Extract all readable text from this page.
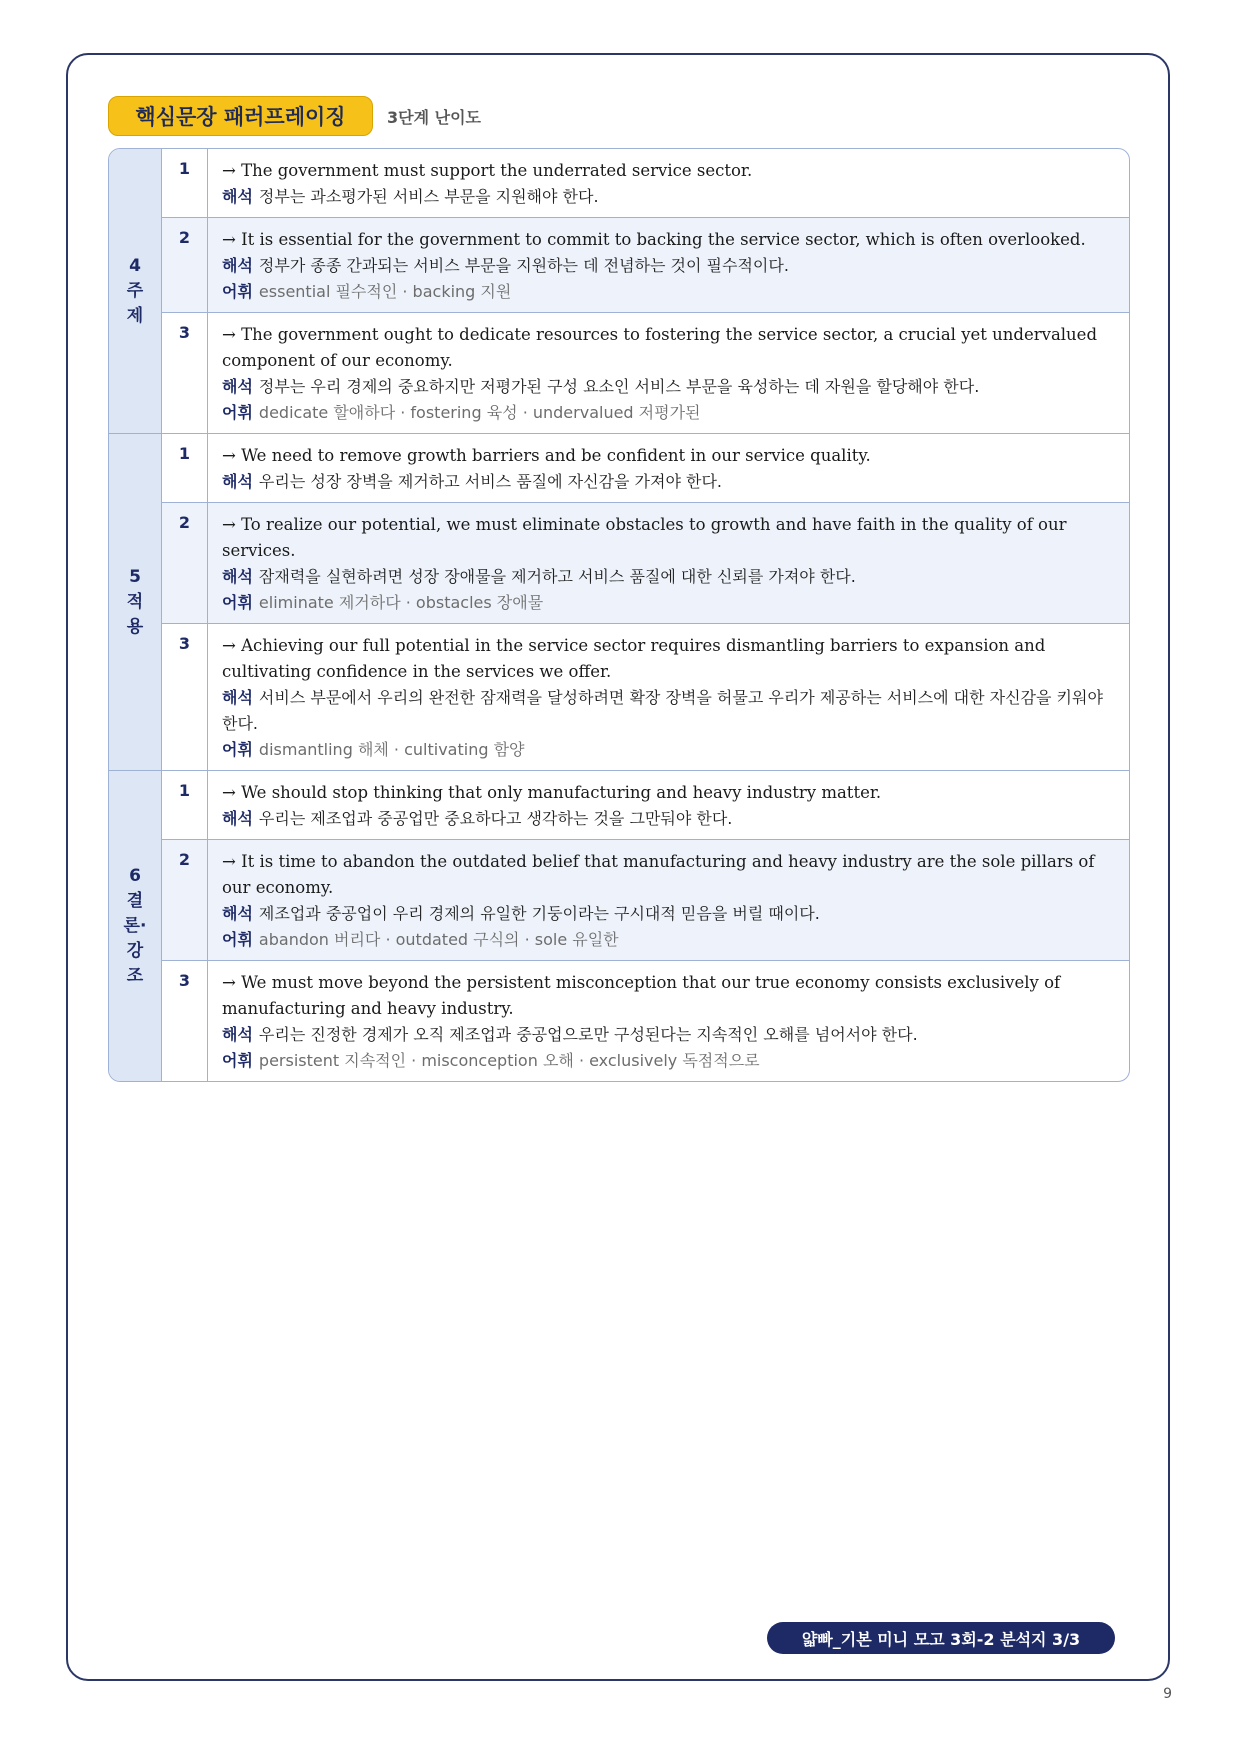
핵심문장 패러프레이징	3단계 난이도
4
주
제
1	→ The government must support the underrated service sector.
해석 정부는 과소평가된 서비스 부문을 지원해야 한다.
2	→ It is essential for the government to commit to backing the service sector, which is often overlooked.
해석 정부가 종종 간과되는 서비스 부문을 지원하는 데 전념하는 것이 필수적이다.
어휘 essential 필수적인 · backing 지원
3	→ The government ought to dedicate resources to fostering the service sector, a crucial yet undervalued component of our economy.
해석 정부는 우리 경제의 중요하지만 저평가된 구성 요소인 서비스 부문을 육성하는 데 자원을 할당해야 한다.
어휘 dedicate 할애하다 · fostering 육성 · undervalued 저평가된
5
적
용
1	→ We need to remove growth barriers and be confident in our service quality.
해석 우리는 성장 장벽을 제거하고 서비스 품질에 자신감을 가져야 한다.
2	→ To realize our potential, we must eliminate obstacles to growth and have faith in the quality of our services.
해석 잠재력을 실현하려면 성장 장애물을 제거하고 서비스 품질에 대한 신뢰를 가져야 한다.
어휘 eliminate 제거하다 · obstacles 장애물
3	→ Achieving our full potential in the service sector requires dismantling barriers to expansion and cultivating confidence in the services we offer.
해석 서비스 부문에서 우리의 완전한 잠재력을 달성하려면 확장 장벽을 허물고 우리가 제공하는 서비스에 대한 자신감을 키워야 한다.
어휘 dismantling 해체 · cultivating 함양
6
결
론·
강
조
1	→ We should stop thinking that only manufacturing and heavy industry matter.
해석 우리는 제조업과 중공업만 중요하다고 생각하는 것을 그만둬야 한다.
2	→ It is time to abandon the outdated belief that manufacturing and heavy industry are the sole pillars of our economy.
해석 제조업과 중공업이 우리 경제의 유일한 기둥이라는 구시대적 믿음을 버릴 때이다.
어휘 abandon 버리다 · outdated 구식의 · sole 유일한
3	→ We must move beyond the persistent misconception that our true economy consists exclusively of manufacturing and heavy industry.
해석 우리는 진정한 경제가 오직 제조업과 중공업으로만 구성된다는 지속적인 오해를 넘어서야 한다.
어휘 persistent 지속적인 · misconception 오해 · exclusively 독점적으로
얇빠_기본 미니 모고 3회-2 분석지 3/3
9
